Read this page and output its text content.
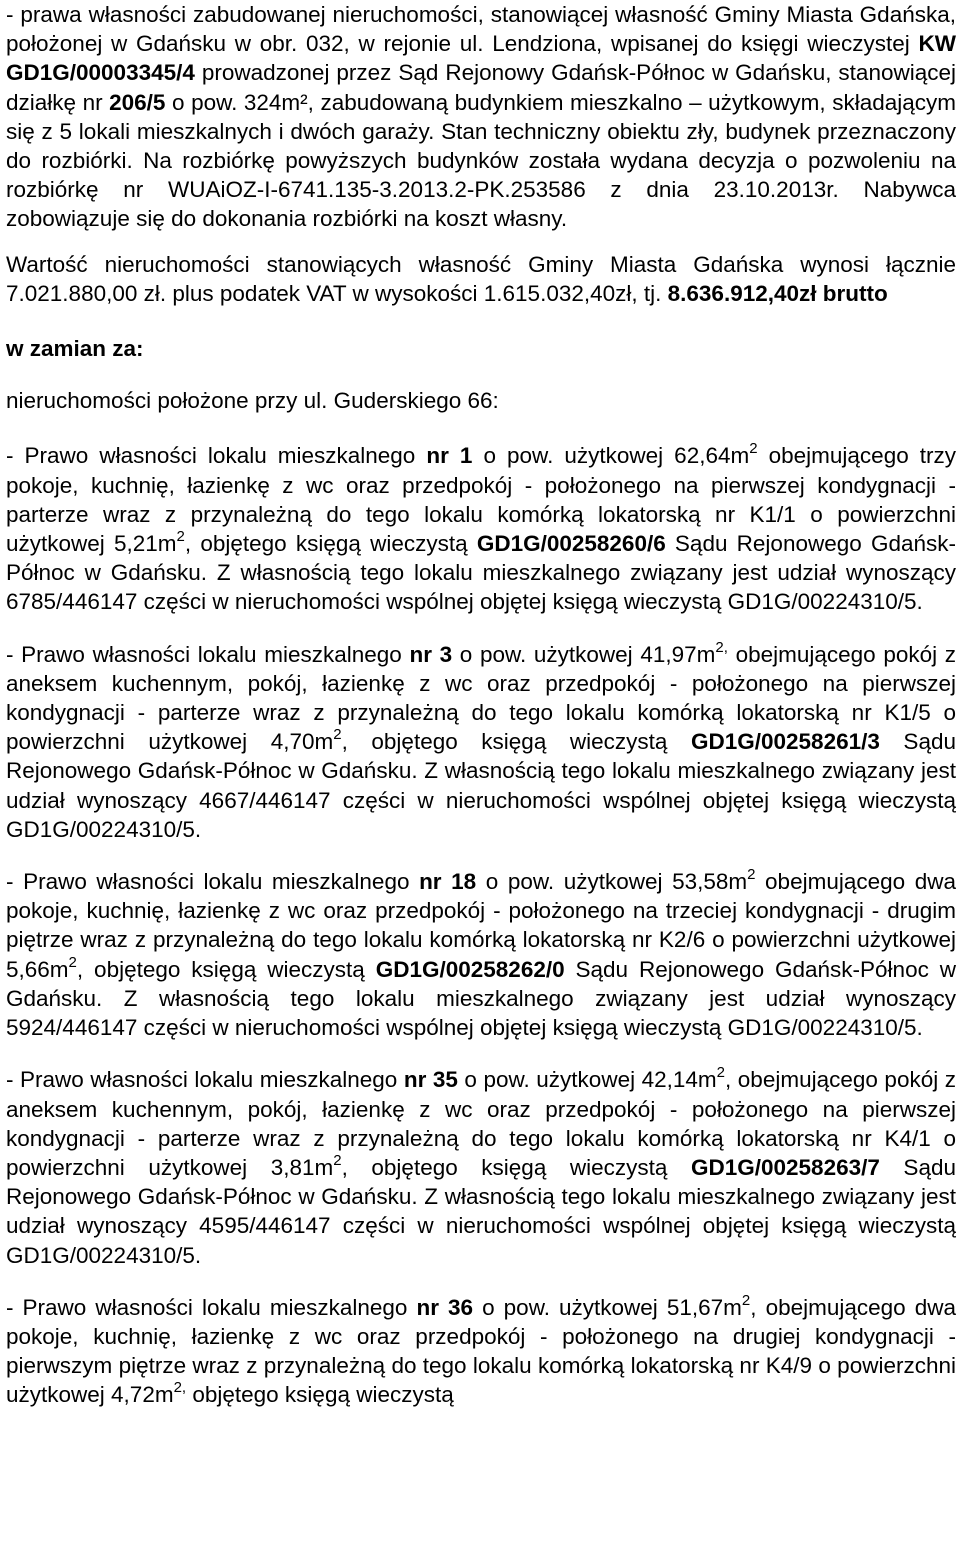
- prawa własności zabudowanej nieruchomości, stanowiącej własność Gminy Miasta Gdańska, położonej w Gdańsku w obr. 032, w rejonie ul. Lendziona, wpisanej do księgi wieczystej KW GD1G/00003345/4 prowadzonej przez Sąd Rejonowy Gdańsk-Północ w Gdańsku, stanowiącej działkę nr 206/5 o pow. 324m², zabudowaną budynkiem mieszkalno – użytkowym, składającym się z 5 lokali mieszkalnych i dwóch garaży. Stan techniczny obiektu zły, budynek przeznaczony do rozbiórki. Na rozbiórkę powyższych budynków została wydana decyzja o pozwoleniu na rozbiórkę nr WUAiOZ-I-6741.135-3.2013.2-PK.253586 z dnia 23.10.2013r. Nabywca zobowiązuje się do dokonania rozbiórki na koszt własny.

Wartość nieruchomości stanowiących własność Gminy Miasta Gdańska wynosi łącznie 7.021.880,00 zł. plus podatek VAT w wysokości 1.615.032,40zł, tj. 8.636.912,40zł brutto

w zamian za:

nieruchomości położone przy ul. Guderskiego 66:

- Prawo własności lokalu mieszkalnego nr 1 o pow. użytkowej $62,64m^2$ obejmującego trzy pokoje, kuchnię, łazienkę z wc oraz przedpokój - położonego na pierwszej kondygnacji - parterze wraz z przynależną do tego lokalu komórką lokatorską nr K1/1 o powierzchni użytkowej $5,21m^2$, objętego księgą wieczystą GD1G/00258260/6 Sądu Rejonowego Gdańsk-Północ w Gdańsku. Z własnością tego lokalu mieszkalnego związany jest udział wynoszący 6785/446147 części w nieruchomości wspólnej objętej księgą wieczystą GD1G/00224310/5.

- Prawo własności lokalu mieszkalnego nr 3 o pow. użytkowej $41,97m^{2,}$ obejmującego pokój z aneksem kuchennym, pokój, łazienkę z wc oraz przedpokój - położonego na pierwszej kondygnacji - parterze wraz z przynależną do tego lokalu komórką lokatorską nr K1/5 o powierzchni użytkowej $4,70m^2$, objętego księgą wieczystą GD1G/00258261/3 Sądu Rejonowego Gdańsk-Północ w Gdańsku. Z własnością tego lokalu mieszkalnego związany jest udział wynoszący 4667/446147 części w nieruchomości wspólnej objętej księgą wieczystą GD1G/00224310/5.

- Prawo własności lokalu mieszkalnego nr 18 o pow. użytkowej $53,58m^2$ obejmującego dwa pokoje, kuchnię, łazienkę z wc oraz przedpokój - położonego na trzeciej kondygnacji - drugim piętrze wraz z przynależną do tego lokalu komórką lokatorską nr K2/6 o powierzchni użytkowej $5,66m^2$, objętego księgą wieczystą GD1G/00258262/0 Sądu Rejonowego Gdańsk-Północ w Gdańsku. Z własnością tego lokalu mieszkalnego związany jest udział wynoszący 5924/446147 części w nieruchomości wspólnej objętej księgą wieczystą GD1G/00224310/5.

- Prawo własności lokalu mieszkalnego nr 35 o pow. użytkowej $42,14m^2$, obejmującego pokój z aneksem kuchennym, pokój, łazienkę z wc oraz przedpokój - położonego na pierwszej kondygnacji - parterze wraz z przynależną do tego lokalu komórką lokatorską nr K4/1 o powierzchni użytkowej $3,81m^2$, objętego księgą wieczystą GD1G/00258263/7 Sądu Rejonowego Gdańsk-Północ w Gdańsku. Z własnością tego lokalu mieszkalnego związany jest udział wynoszący 4595/446147 części w nieruchomości wspólnej objętej księgą wieczystą GD1G/00224310/5.

- Prawo własności lokalu mieszkalnego nr 36 o pow. użytkowej $51,67m^2$, obejmującego dwa pokoje, kuchnię, łazienkę z wc oraz przedpokój - położonego na drugiej kondygnacji - pierwszym piętrze wraz z przynależną do tego lokalu komórką lokatorską nr K4/9 o powierzchni użytkowej $4,72m^{2,}$ objętego księgą wieczystą
